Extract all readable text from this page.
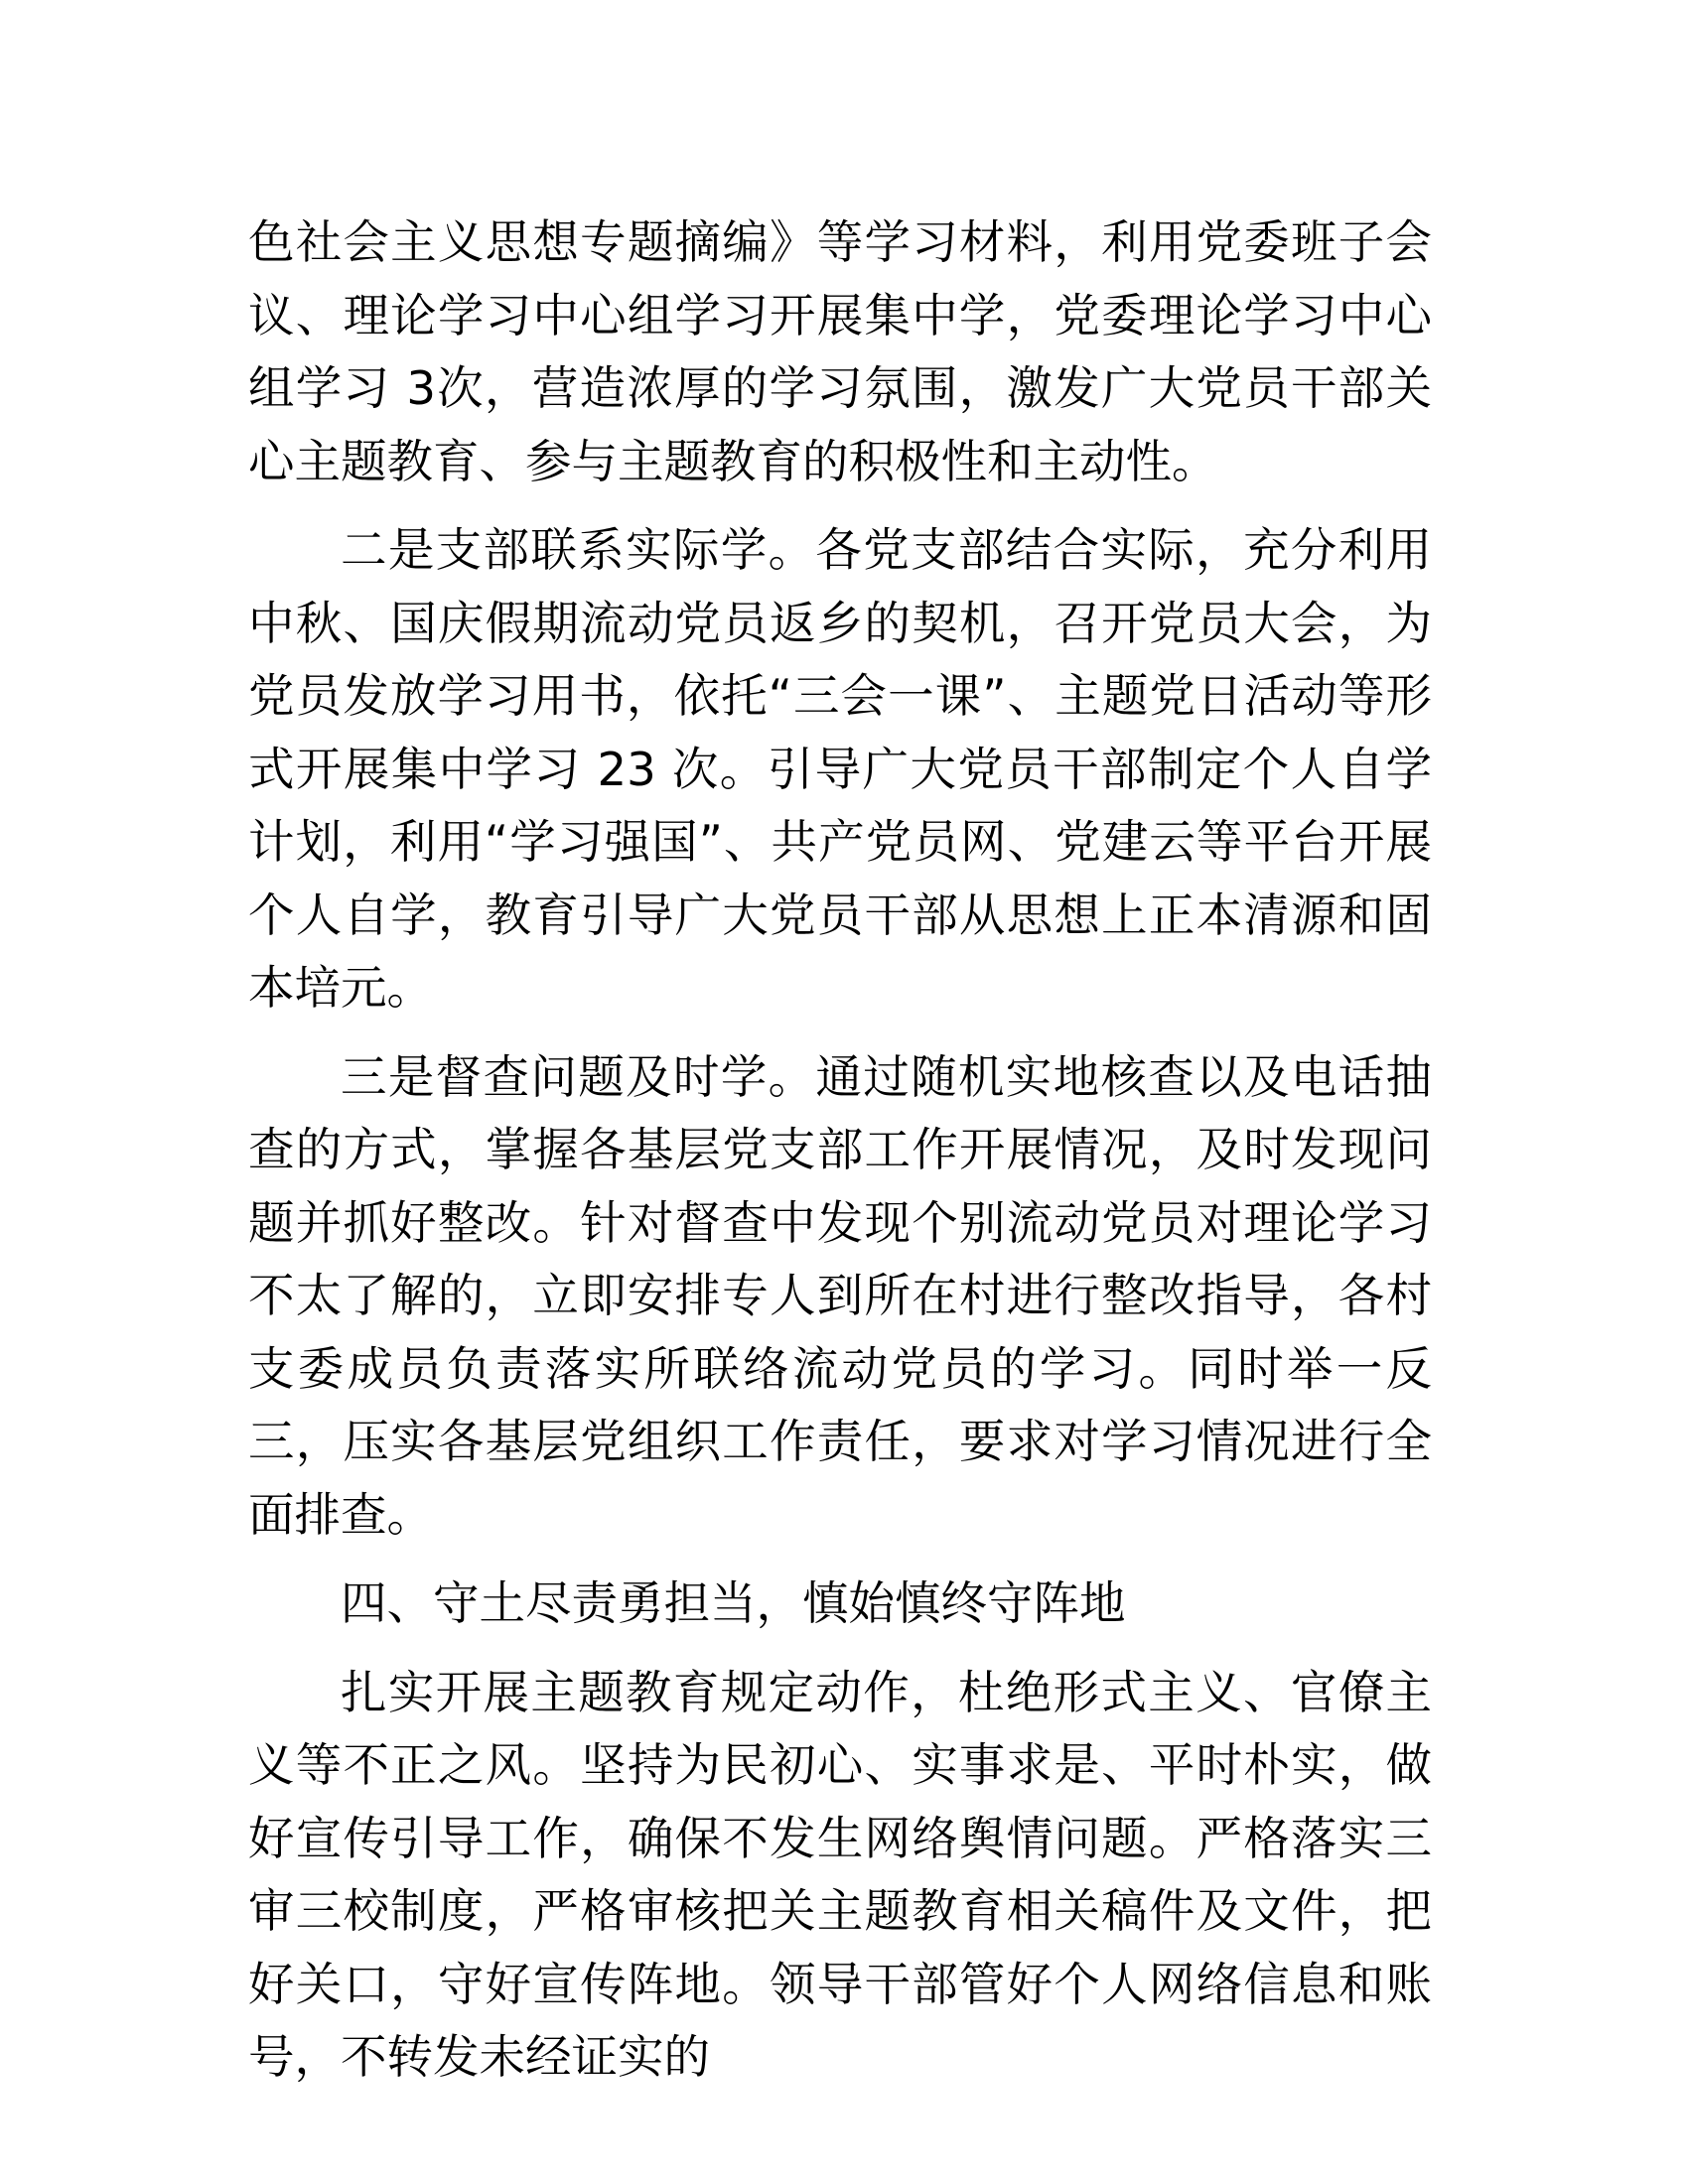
色社会主义思想专题摘编》等学习材料，利用党委班子会议、理论学习中心组学习开展集中学，党委理论学习中心组学习 3次，营造浓厚的学习氛围，激发广大党员干部关心主题教育、参与主题教育的积极性和主动性。

二是支部联系实际学。各党支部结合实际，充分利用中秋、国庆假期流动党员返乡的契机，召开党员大会，为党员发放学习用书，依托“三会一课”、主题党日活动等形式开展集中学习 23 次。引导广大党员干部制定个人自学计划，利用“学习强国”、共产党员网、党建云等平台开展个人自学，教育引导广大党员干部从思想上正本清源和固本培元。

三是督查问题及时学。通过随机实地核查以及电话抽查的方式，掌握各基层党支部工作开展情况，及时发现问题并抓好整改。针对督查中发现个别流动党员对理论学习不太了解的，立即安排专人到所在村进行整改指导，各村支委成员负责落实所联络流动党员的学习。同时举一反三，压实各基层党组织工作责任，要求对学习情况进行全面排查。

四、守土尽责勇担当，慎始慎终守阵地

扎实开展主题教育规定动作，杜绝形式主义、官僚主义等不正之风。坚持为民初心、实事求是、平时朴实，做好宣传引导工作，确保不发生网络舆情问题。严格落实三审三校制度，严格审核把关主题教育相关稿件及文件，把好关口，守好宣传阵地。领导干部管好个人网络信息和账号，不转发未经证实的
